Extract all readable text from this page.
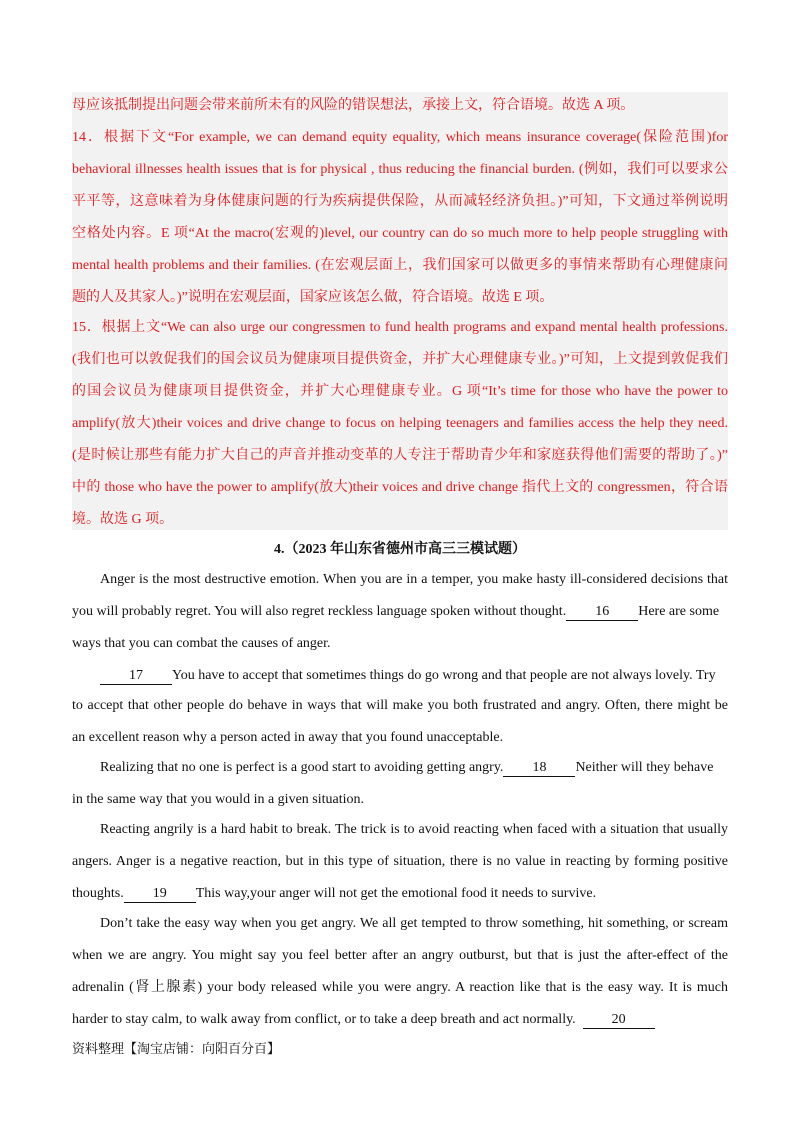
母应该抵制提出问题会带来前所未有的风险的错误想法，承接上文，符合语境。故选 A 项。
14．根据下文“For example, we can demand equity equality, which means insurance coverage(保险范围)for
behavioral illnesses health issues that is for physical , thus reducing the financial burden. (例如，我们可以要求公
平平等，这意味着为身体健康问题的行为疾病提供保险，从而减轻经济负担。)”可知，下文通过举例说明
空格处内容。E 项“At the macro(宏观的)level, our country can do so much more to help people struggling with
mental health problems and their families. (在宏观层面上，我们国家可以做更多的事情来帮助有心理健康问
题的人及其家人。)”说明在宏观层面，国家应该怎么做，符合语境。故选 E 项。
15．根据上文“We can also urge our congressmen to fund health programs and expand mental health professions.
(我们也可以敦促我们的国会议员为健康项目提供资金，并扩大心理健康专业。)”可知，上文提到敦促我们
的国会议员为健康项目提供资金，并扩大心理健康专业。G 项“It’s time for those who have the power to
amplify(放大)their voices and drive change to focus on helping teenagers and families access the help they need.
(是时候让那些有能力扩大自己的声音并推动变革的人专注于帮助青少年和家庭获得他们需要的帮助了。)”
中的 those who have the power to amplify(放大)their voices and drive change 指代上文的 congressmen，符合语
境。故选 G 项。
4.（2023 年山东省德州市高三三模试题）
Anger is the most destructive emotion. When you are in a temper, you make hasty ill-considered decisions that
you will probably regret. You will also regret reckless language spoken without thought. 16 Here are some
ways that you can combat the causes of anger.
17 You have to accept that sometimes things do go wrong and that people are not always lovely. Try
to accept that other people do behave in ways that will make you both frustrated and angry. Often, there might be
an excellent reason why a person acted in away that you found unacceptable.
Realizing that no one is perfect is a good start to avoiding getting angry. 18 Neither will they behave
in the same way that you would in a given situation.
Reacting angrily is a hard habit to break. The trick is to avoid reacting when faced with a situation that usually
angers. Anger is a negative reaction, but in this type of situation, there is no value in reacting by forming positive
thoughts. 19 This way,your anger will not get the emotional food it needs to survive.
Don’t take the easy way when you get angry. We all get tempted to throw something, hit something, or scream
when we are angry. You might say you feel better after an angry outburst, but that is just the after-effect of the
adrenalin (肾上腺素) your body released while you were angry. A reaction like that is the easy way. It is much
harder to stay calm, to walk away from conflict, or to take a deep breath and act normally.	20
资料整理【淘宝店铺：向阳百分百】
